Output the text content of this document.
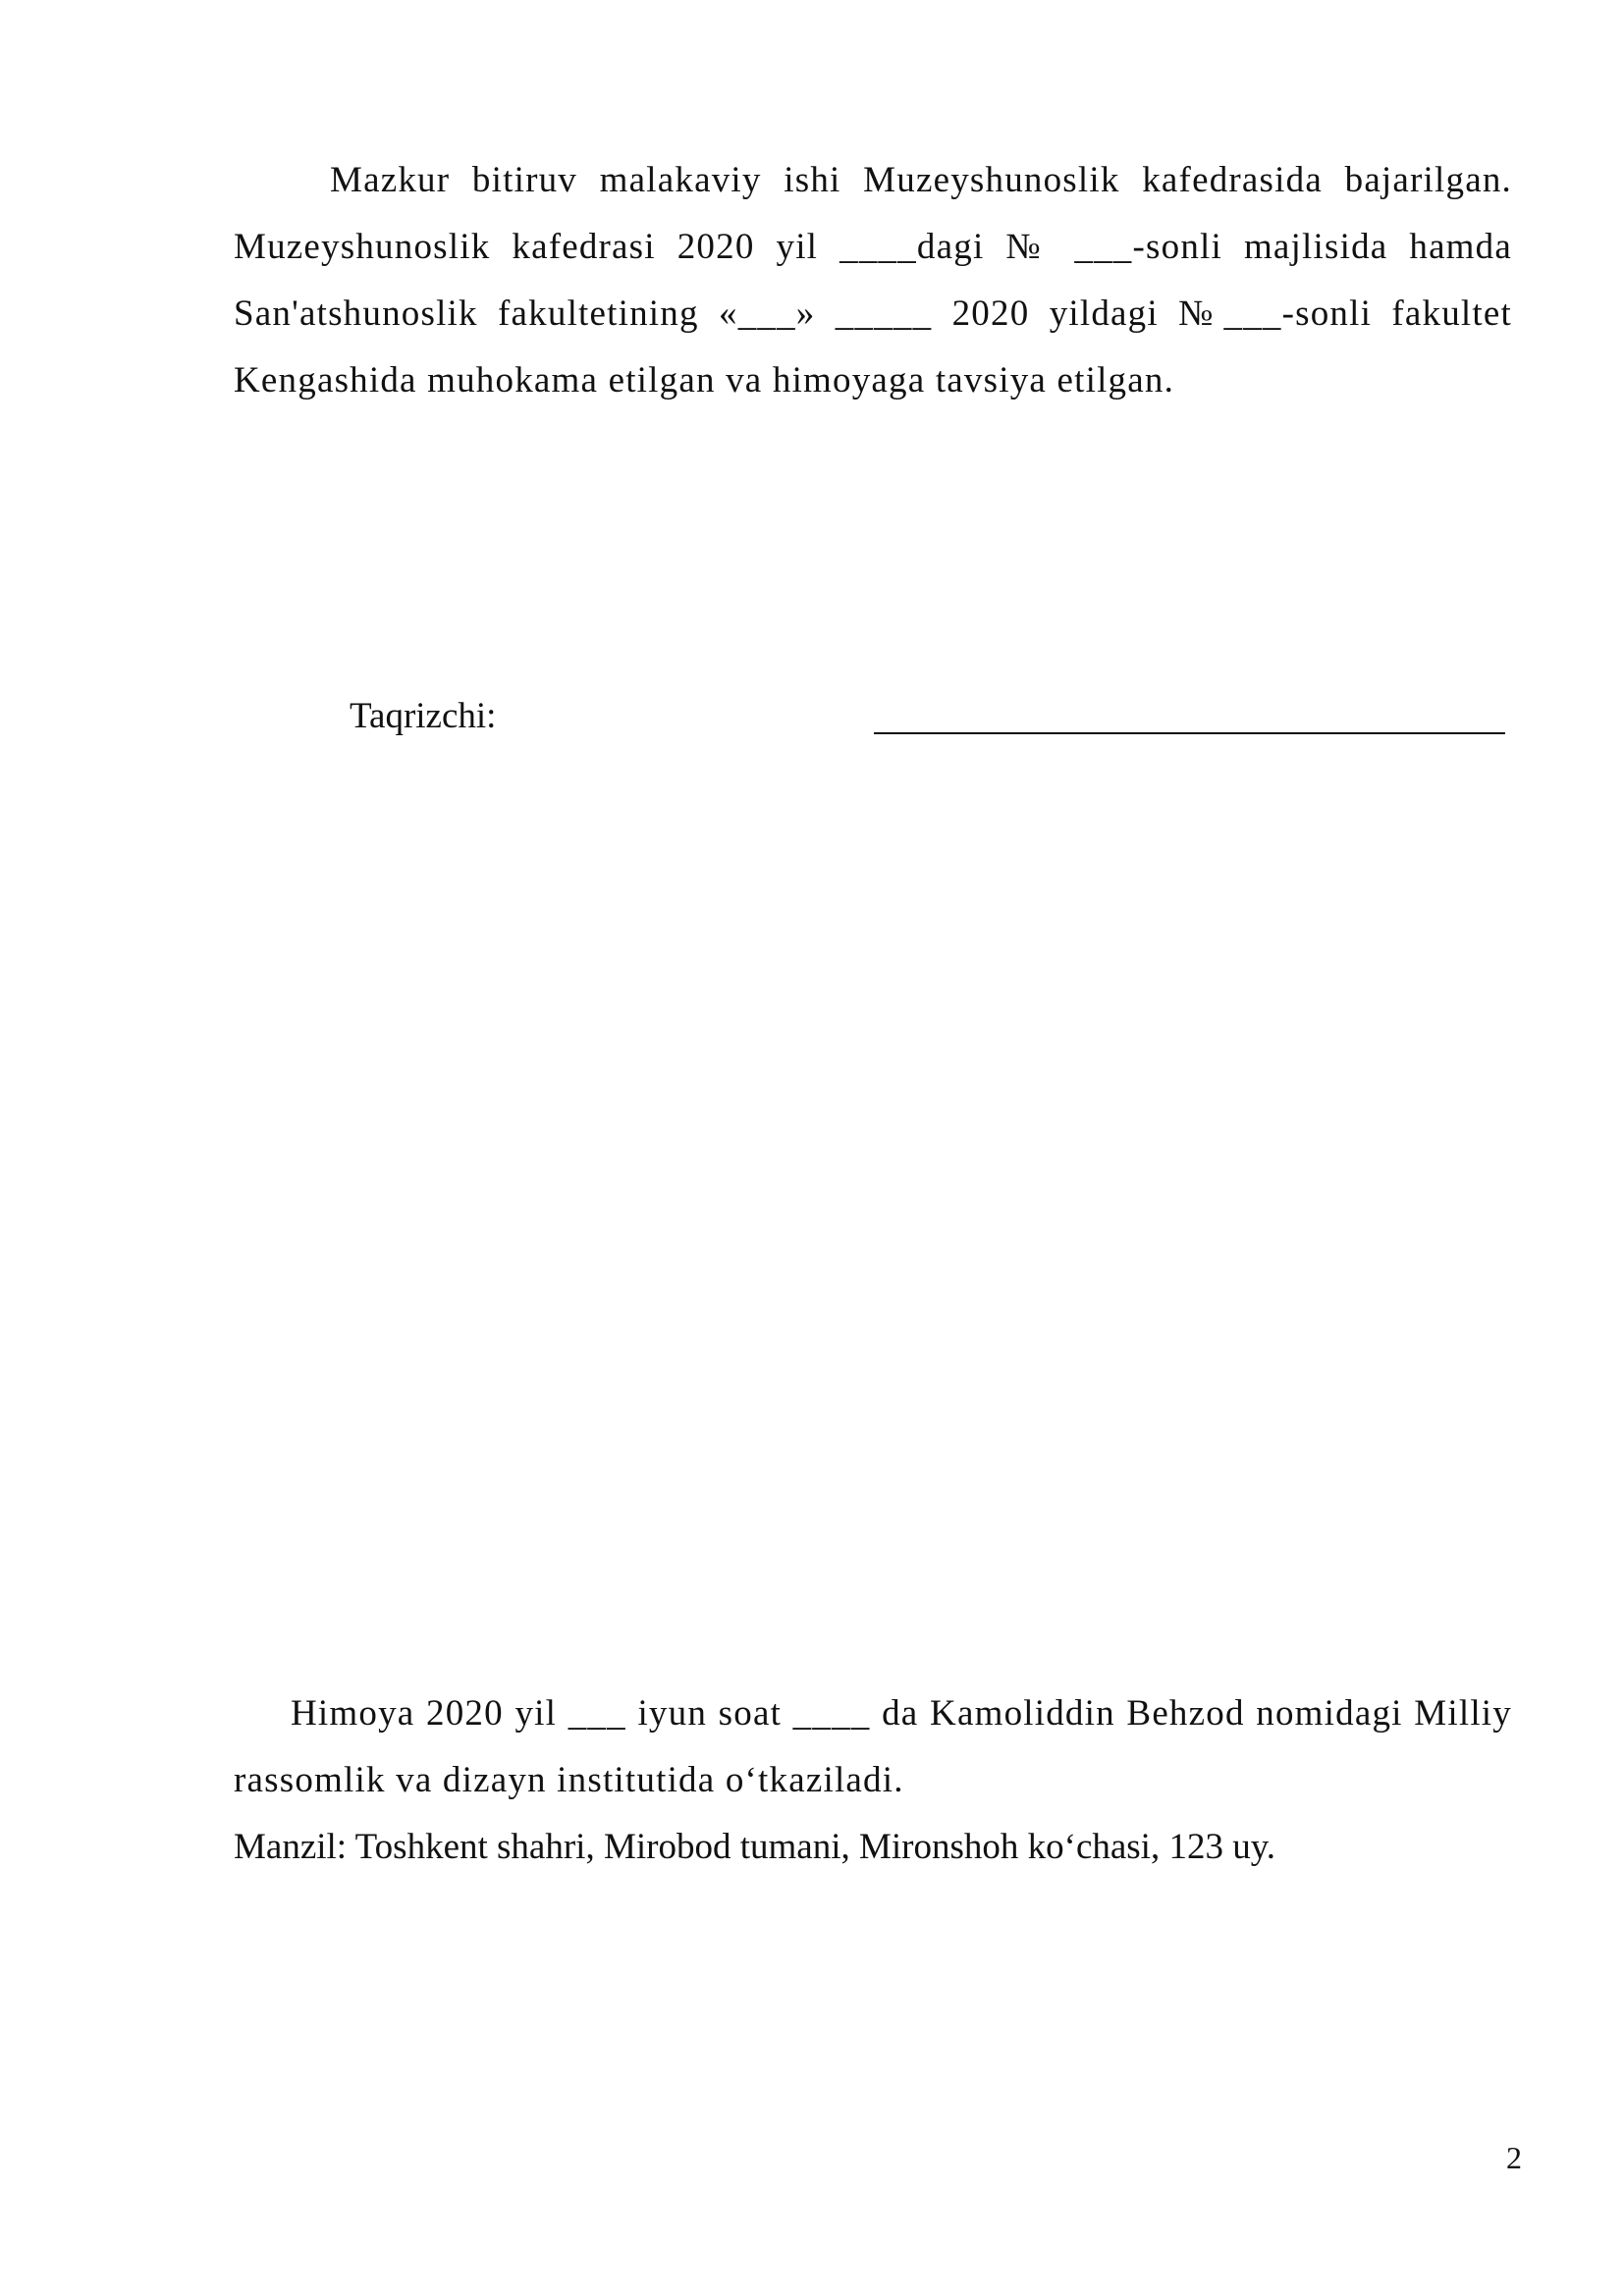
Mazkur bitiruv malakaviy ishi Muzeyshunoslik kafedrasida bajarilgan. Muzeyshunoslik kafedrasi 2020 yil ____dagi № ___-sonli majlisida hamda San'atshunoslik fakultetining «___» _____ 2020 yildagi №___-sonli fakultet Kengashida muhokama etilgan va himoyaga tavsiya etilgan.

Taqrizchi:

Himoya 2020 yil ___ iyun soat ____ da Kamoliddin Behzod nomidagi Milliy rassomlik va dizayn institutida o‘tkaziladi.

Manzil: Toshkent shahri, Mirobod tumani, Mironshoh ko‘chasi, 123 uy.

2
